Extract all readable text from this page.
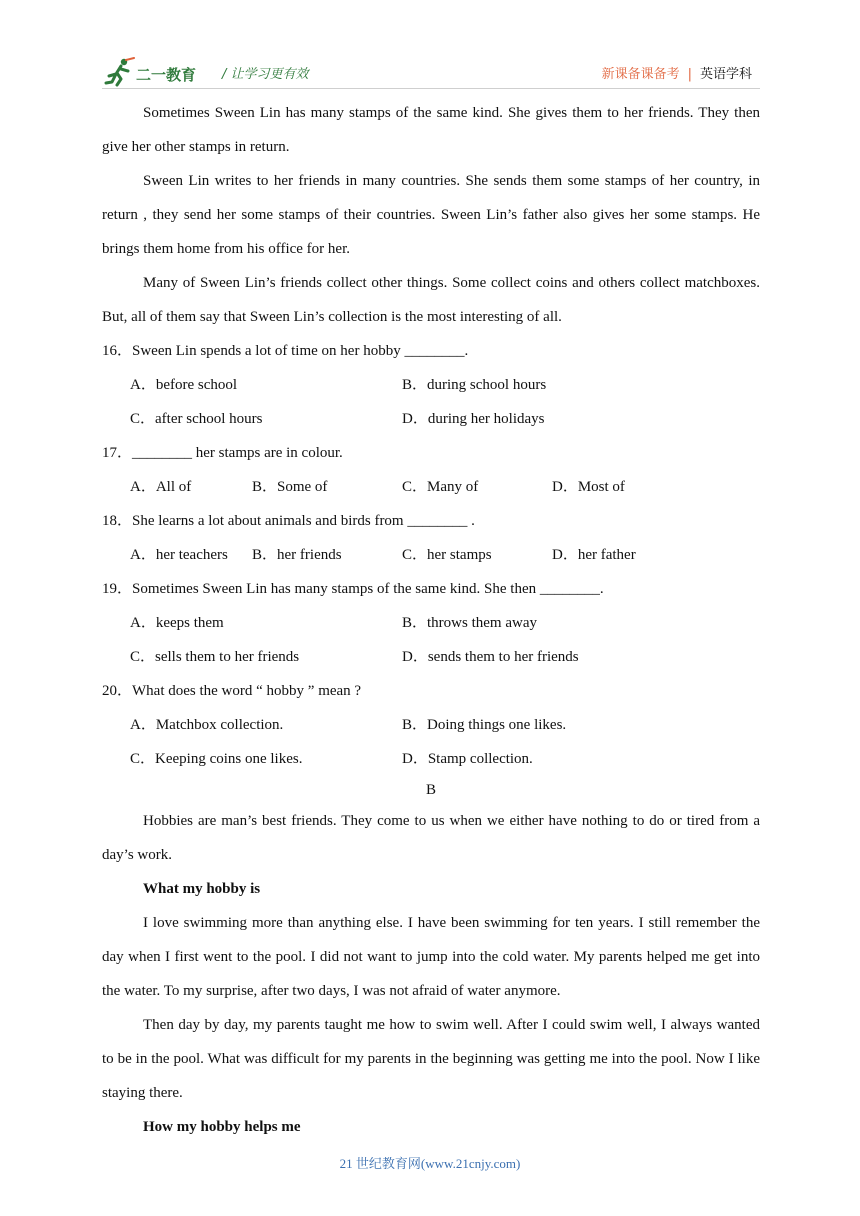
二一教育 / 让学习更有效	新课备课备考 | 英语学科

Sometimes Sween Lin has many stamps of the same kind. She gives them to her friends. They then give her other stamps in return.

Sween Lin writes to her friends in many countries. She sends them some stamps of her country, in return , they send her some stamps of their countries. Sween Lin’s father also gives her some stamps. He brings them home from his office for her.

Many of Sween Lin’s friends collect other things. Some collect coins and others collect matchboxes. But, all of them say that Sween Lin’s collection is the most interesting of all.

16．Sween Lin spends a lot of time on her hobby ________.

A．before school	B．during school hours
C．after school hours	D．during her holidays

17．________ her stamps are in colour.

A．All of	B．Some of	C．Many of	D．Most of

18．She learns a lot about animals and birds from ________ .

A．her teachers B．her friends	C．her stamps	D．her father

19．Sometimes Sween Lin has many stamps of the same kind. She then ________.

A．keeps them	B．throws them away
C．sells them to her friends	D．sends them to her friends

20．What does the word “ hobby ” mean ?

A．Matchbox collection.	B．Doing things one likes.
C．Keeping coins one likes.	D．Stamp collection.

B

Hobbies are man’s best friends. They come to us when we either have nothing to do or tired from a day’s work.

What my hobby is

I love swimming more than anything else. I have been swimming for ten years. I still remember the day when I first went to the pool. I did not want to jump into the cold water. My parents helped me get into the water. To my surprise, after two days, I was not afraid of water anymore.

Then day by day, my parents taught me how to swim well. After I could swim well, I always wanted to be in the pool. What was difficult for my parents in the beginning was getting me into the pool. Now I like staying there.

How my hobby helps me

21 世纪教育网(www.21cnjy.com)
